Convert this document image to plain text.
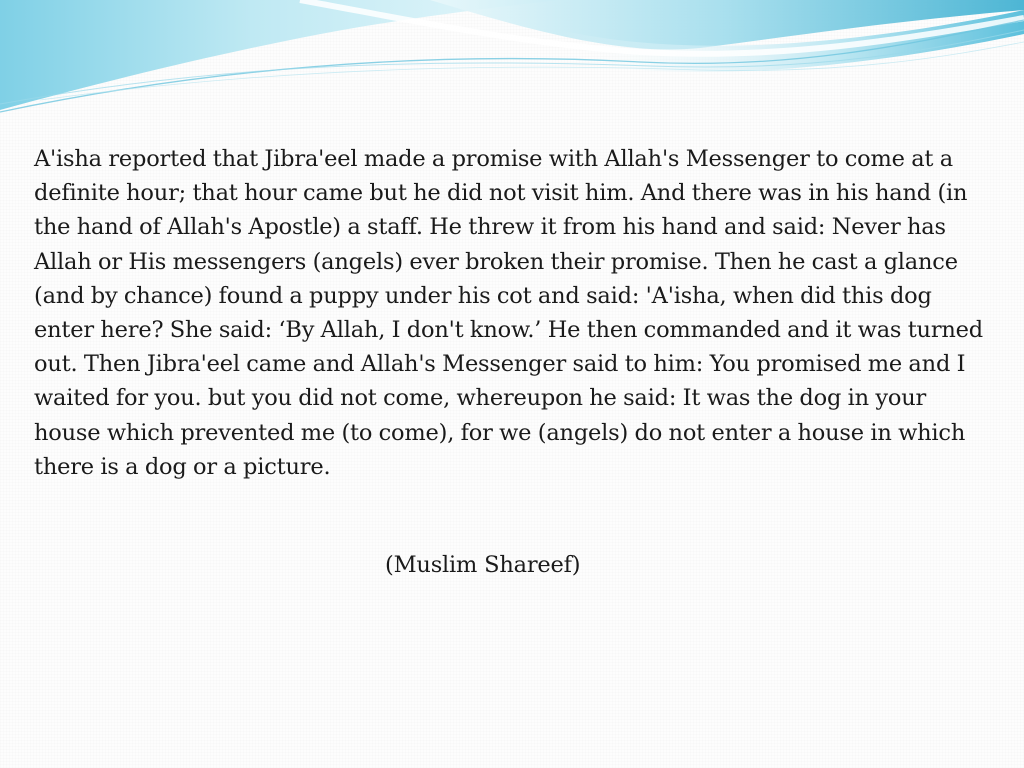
A'isha reported that Jibra'eel made a promise with Allah's Messenger to come at a definite hour; that hour came but he did not visit him. And there was in his hand (in the hand of Allah's Apostle) a staff. He threw it from his hand and said: Never has Allah or His messengers (angels) ever broken their promise. Then he cast a glance (and by chance) found a puppy under his cot and said: 'A'isha, when did this dog enter here? She said: ‘By Allah, I don't know.’ He then commanded and it was turned out. Then Jibra'eel came and Allah's Messenger said to him: You promised me and I waited for you. but you did not come, whereupon he said: It was the dog in your house which prevented me (to come), for we (angels) do not enter a house in which there is a dog or a picture.

(Muslim Shareef)
